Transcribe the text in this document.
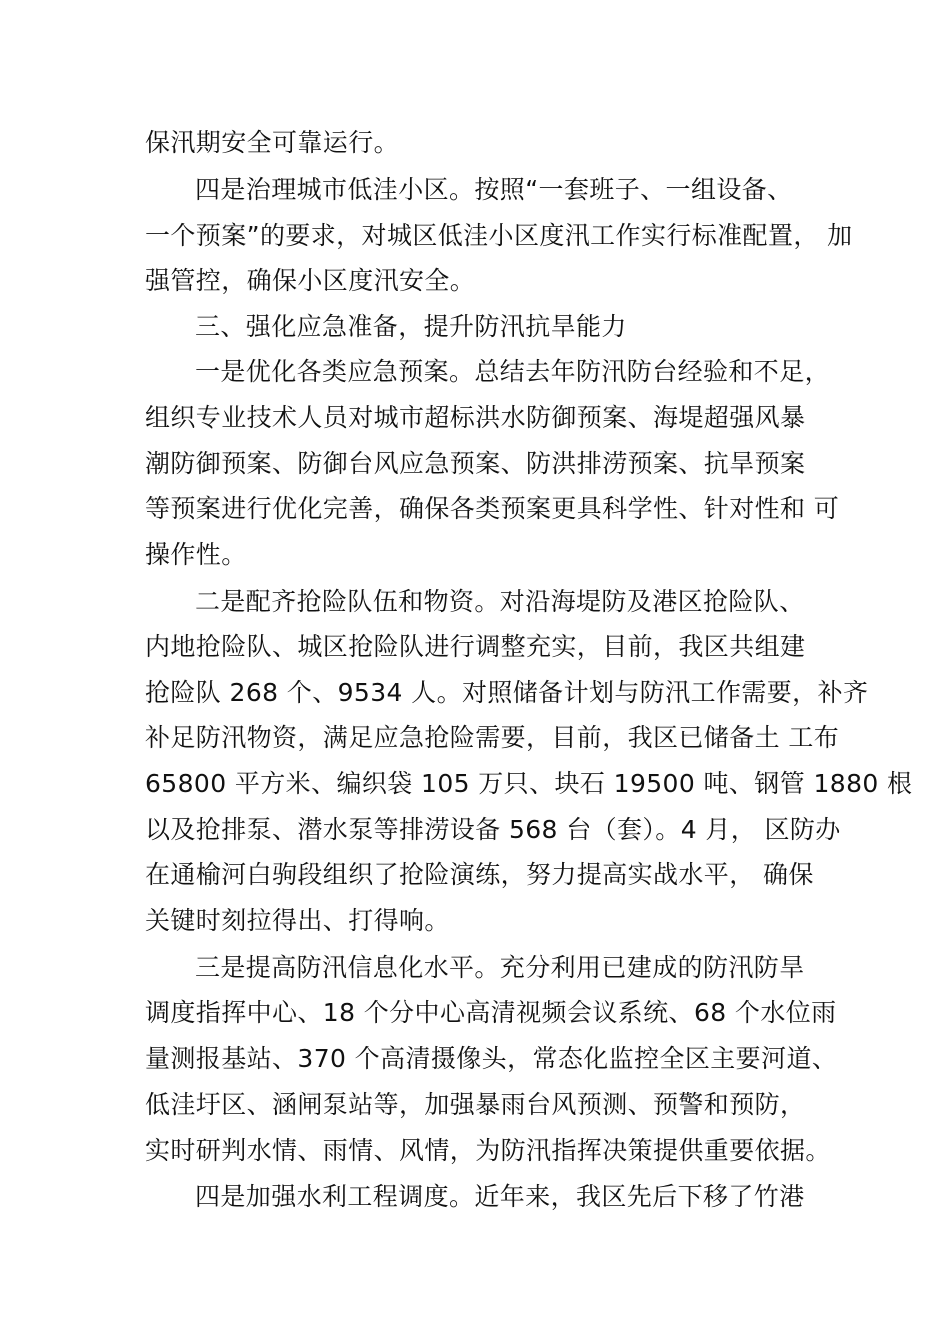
保汛期安全可靠运行。
四是治理城市低洼小区。按照“一套班子、一组设备、
一个预案”的要求，对城区低洼小区度汛工作实行标准配置， 加
强管控，确保小区度汛安全。
三、强化应急准备，提升防汛抗旱能力
一是优化各类应急预案。总结去年防汛防台经验和不足，
组织专业技术人员对城市超标洪水防御预案、海堤超强风暴
潮防御预案、防御台风应急预案、防洪排涝预案、抗旱预案
等预案进行优化完善，确保各类预案更具科学性、针对性和 可
操作性。
二是配齐抢险队伍和物资。对沿海堤防及港区抢险队、
内地抢险队、城区抢险队进行调整充实，目前，我区共组建
抢险队 268 个、9534 人。对照储备计划与防汛工作需要，补齐
补足防汛物资，满足应急抢险需要，目前，我区已储备土 工布
65800 平方米、编织袋 105 万只、块石 19500 吨、钢管 1880 根
以及抢排泵、潜水泵等排涝设备 568 台（套）。4 月， 区防办
在通榆河白驹段组织了抢险演练，努力提高实战水平， 确保
关键时刻拉得出、打得响。
三是提高防汛信息化水平。充分利用已建成的防汛防旱
调度指挥中心、18 个分中心高清视频会议系统、68 个水位雨
量测报基站、370 个高清摄像头，常态化监控全区主要河道、
低洼圩区、涵闸泵站等，加强暴雨台风预测、预警和预防，
实时研判水情、雨情、风情，为防汛指挥决策提供重要依据。
四是加强水利工程调度。近年来，我区先后下移了竹港
